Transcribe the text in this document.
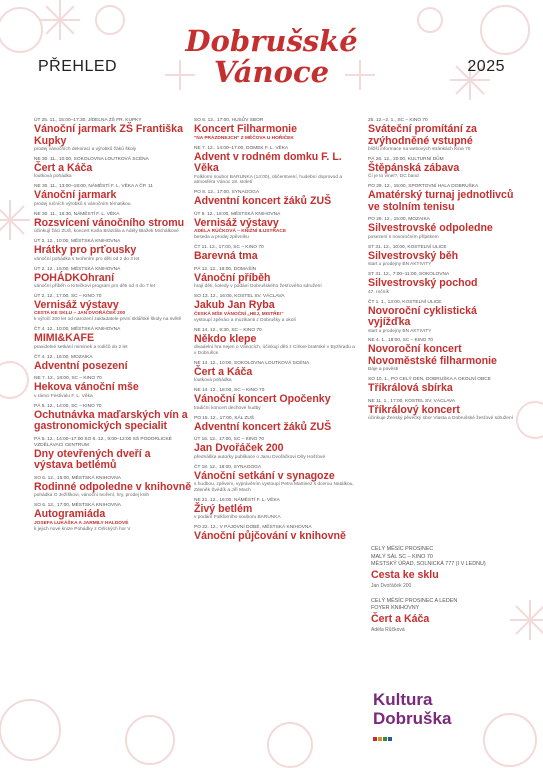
PŘEHLED
Dobrušské
Vánoce	2025
ÚT 25. 11., 15:00–17:30, JÍDELNA ZŠ FR. KUPKY
Vánoční jarmark ZŠ Františka Kupky
prodej vánočních dekorací a výrobků žáků školy
NE 30. 11., 10:00, SOKOLOVNA LOUTKOVÁ SCÉNA
Čert a Káča
loutková pohádka
NE 30. 11., 13:00–18:00, NÁMĚSTÍ F. L. VĚKA A ČP. 11
Vánoční jarmark
prodej ručních výrobků s vánočním tématikou
NE 30. 11., 16:30, NÁMĚSTÍ F. L. VĚKA
Rozsvícení vánočního stromu
účinkují žáci ZUŠ, koncert Karla Brázdila a Adély Blažek Michálkové
ÚT 2. 12., 10:00, MĚSTSKÁ KNIHOVNA
Hrátky pro prťousky
vánoční pohádka s tvořením pro děti od 2 do 3 let
ÚT 2. 12., 15:00, MĚSTSKÁ KNIHOVNA
POHÁDKOhraní
vánoční příběh o Krtečkovi program pro děti od 4 do 7 let
ÚT 2. 12., 17:00, SC – KINO 70
Vernisáž výstavy
CESTA KE SKLU – JAN DVOŘÁČEK 200
k výročí 200 let od narození zakladatele první sklářské školy na světě
ČT 4. 12., 10:00, MĚSTSKÁ KNIHOVNA
MIMI&KAFE
pravidelné setkání miminek a rodičů do 2 let
ČT 4. 12., 16:00, MOZAIKA
Adventní posezení
NE 7. 12., 18:00, SC – KINO 70
Hekova vánoční mše
v rámci Festivalu F. L. Věka
PÁ 5. 12., 14:00, SC – KINO 70
Ochutnávka maďarských vín a gastronomických specialit
PÁ 5. 12., 14:00–17:00 SO 6. 12., 9:00–12:00 SŠ PODORLICKÉ VZDĚLÁVACÍ CENTRUM
Dny otevřených dveří a výstava betlémů
SO 6. 12., 15:00, MĚSTSKÁ KNIHOVNA
Rodinné odpoledne v knihovně
pohádka O Ježíškovi, vánoční tvoření, hry, prodej knih
SO 6. 12., 17:00, MĚSTSKÁ KNIHOVNA
Autogramiáda
JOSEFA LUKÁŠKA A JARMILY HALDOVÉ
k jejich nové knize Pohádky z Orlických hor V
SO 6. 12., 17:00, HUSŮV SBOR
Koncert Filharmonie
"NA PRÁZDNEJCH" Z MĚČOVA U HOŘIČEK
NE 7. 12., 14:00–17:00, DOMEK F. L. VĚKA
Advent v rodném domku F. L. Věka
Folklorní soubor BARUNKA (14:00), občerstvení, hudební doprovod a atmosféra Vánoc 18. století
PO 8. 12., 17:00, SYNAGOGA
Adventní koncert žáků ZUŠ
ÚT 9. 12., 18:00, MĚSTSKÁ KNIHOVNA
Vernisáž výstavy
ADÉLA RŮČKOVÁ – KNIŽNÍ ILUSTRACE
beseda a prodej zpěvníku
ČT 11. 12., 17:00, SC – KINO 70
Barevná tma
PÁ 12. 12., 18:00, DOMAŠÍN
Vánoční příběh
hrají děti, koledy v podání Dobrušského žesťového sdružení
SO 13. 12., 16:00, KOSTEL SV. VÁCLAVA
Jakub Jan Ryba
ČESKÁ MŠE VÁNOČNÍ „HEJ, MISTŘE!“
vystoupí zpěváci a muzikanti z Dobrušky a okolí
NE 14. 12., 9:30, SC – KINO 70
Někdo klepe
divadelní hra nejen o Vánocích, účinkují děti z Církve bratrské v Byzhradu a v Dobrušce
NE 14. 12., 10:00, SOKOLOVNA LOUTKOVÁ SCÉNA
Čert a Káča
loutková pohádka
NE 14. 12., 18:00, SC – KINO 70
Vánoční koncert Opočenky
tradiční koncert dechové hudby
PO 15. 12., 17:00, SÁL ZUŠ
Adventní koncert žáků ZUŠ
ÚT 16. 12., 17:00, SC – KINO 70
Jan Dvořáček 200
přednáška autorky publikace o Janu Dvořáčkovi Díty Hošťové
ČT 18. 12., 18:00, SYNAGOGA
Vánoční setkání v synagoze
s hudbou, zpěvem, vyprávěním vystoupí Petra Martinez s dcerou Natálkou, Zdeněk Švédík a Jiří Mach
NE 21. 12., 16:00, NÁMĚSTÍ F. L. VĚKA
Živý betlém
v podání Folklorního souboru BARUNKA
PO 22. 12., V PÁJOVNÍ DOBĚ, MĚSTSKÁ KNIHOVNA
Vánoční půjčování v knihovně
25. 12.–2. 1., SC – KINO 70
Sváteční promítání za zvýhodněné vstupné
bližší informace na webových stránkách Kina 70
PÁ 26. 12., 20:00, KULTURNÍ DŮM
Štěpánská zábava
Čí je to vinel?, DC band
PO 29. 12., 15:00, SPORTOVNÍ HALA DOBRUŠKA
Amatérský turnaj jednotlivců ve stolním tenisu
PO 29. 12., 15:00, MOZAIKA
Silvestrovské odpoledne
posezení s novoročním přípitkem
ST 31. 12., 10:00, KOSTELNÍ ULICE
Silvestrovský běh
start u prodejny BN AKTIVITY
ST 31. 12., 7:00–11:00, SOKOLOVNA
Silvestrovský pochod
47. ročník
ČT 1. 1., 13:00, KOSTELNÍ ULICE
Novoroční cyklistická vyjížďka
start u prodejny BN AKTIVITY
NE 4. 1., 18:00, SC – KINO 70
Novoroční koncert Novoměstské filharmonie
Báje a pověsti
SO 10. 1., PO CELÝ DEN, DOBRUŠKA A OKOLNÍ OBCE
Tříkrálová sbírka
NE 11. 1., 17:00, KOSTEL SV. VÁCLAVA
Tříkrálový koncert
účinkuje Ženský pěvecký sbor Vlasta a Dobrušské žesťové sdružení
CELÝ MĚSÍC PROSINEC
MALÝ SÁL SC – KINO 70
MĚSTSKÝ ÚŘAD, SOLNICKÁ 777 (I V LEDNU)
Cesta ke sklu
Jan Dvořáček 200
CELÝ MĚSÍC PROSINEC A LEDEN
FOYER KNIHOVNY
Čert a Káča
Adéla Růčková
Kultura
Dobruška
